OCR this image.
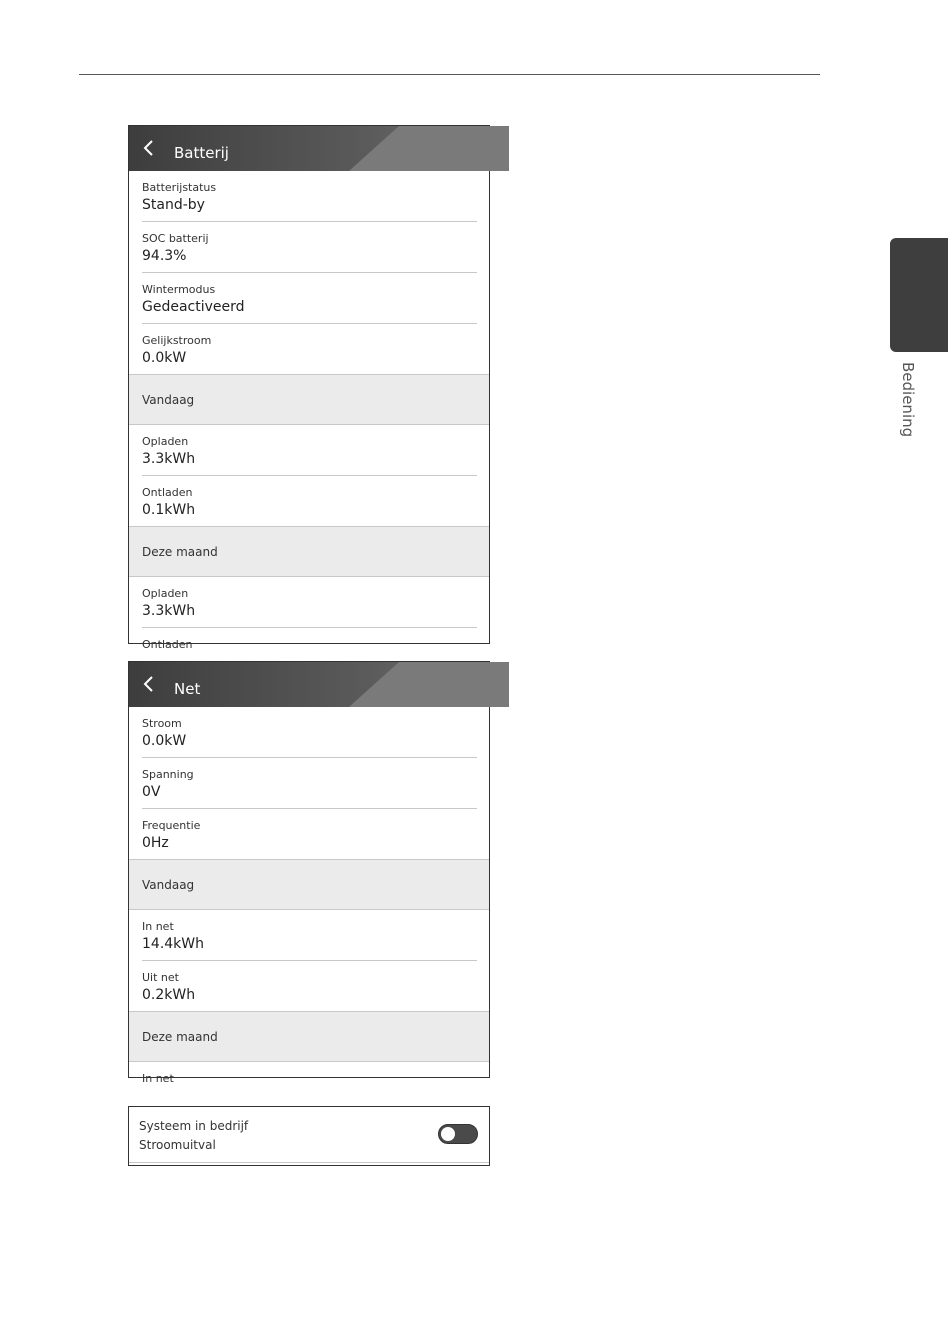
Bediening
Batterij
Batterijstatus
Stand-by
SOC batterij
94.3%
Wintermodus
Gedeactiveerd
Gelijkstroom
0.0kW
Vandaag
Opladen
3.3kWh
Ontladen
0.1kWh
Deze maand
Opladen
3.3kWh
Ontladen
Net
Stroom
0.0kW
Spanning
0V
Frequentie
0Hz
Vandaag
In net
14.4kWh
Uit net
0.2kWh
Deze maand
In net
Systeem in bedrijf
Stroomuitval
